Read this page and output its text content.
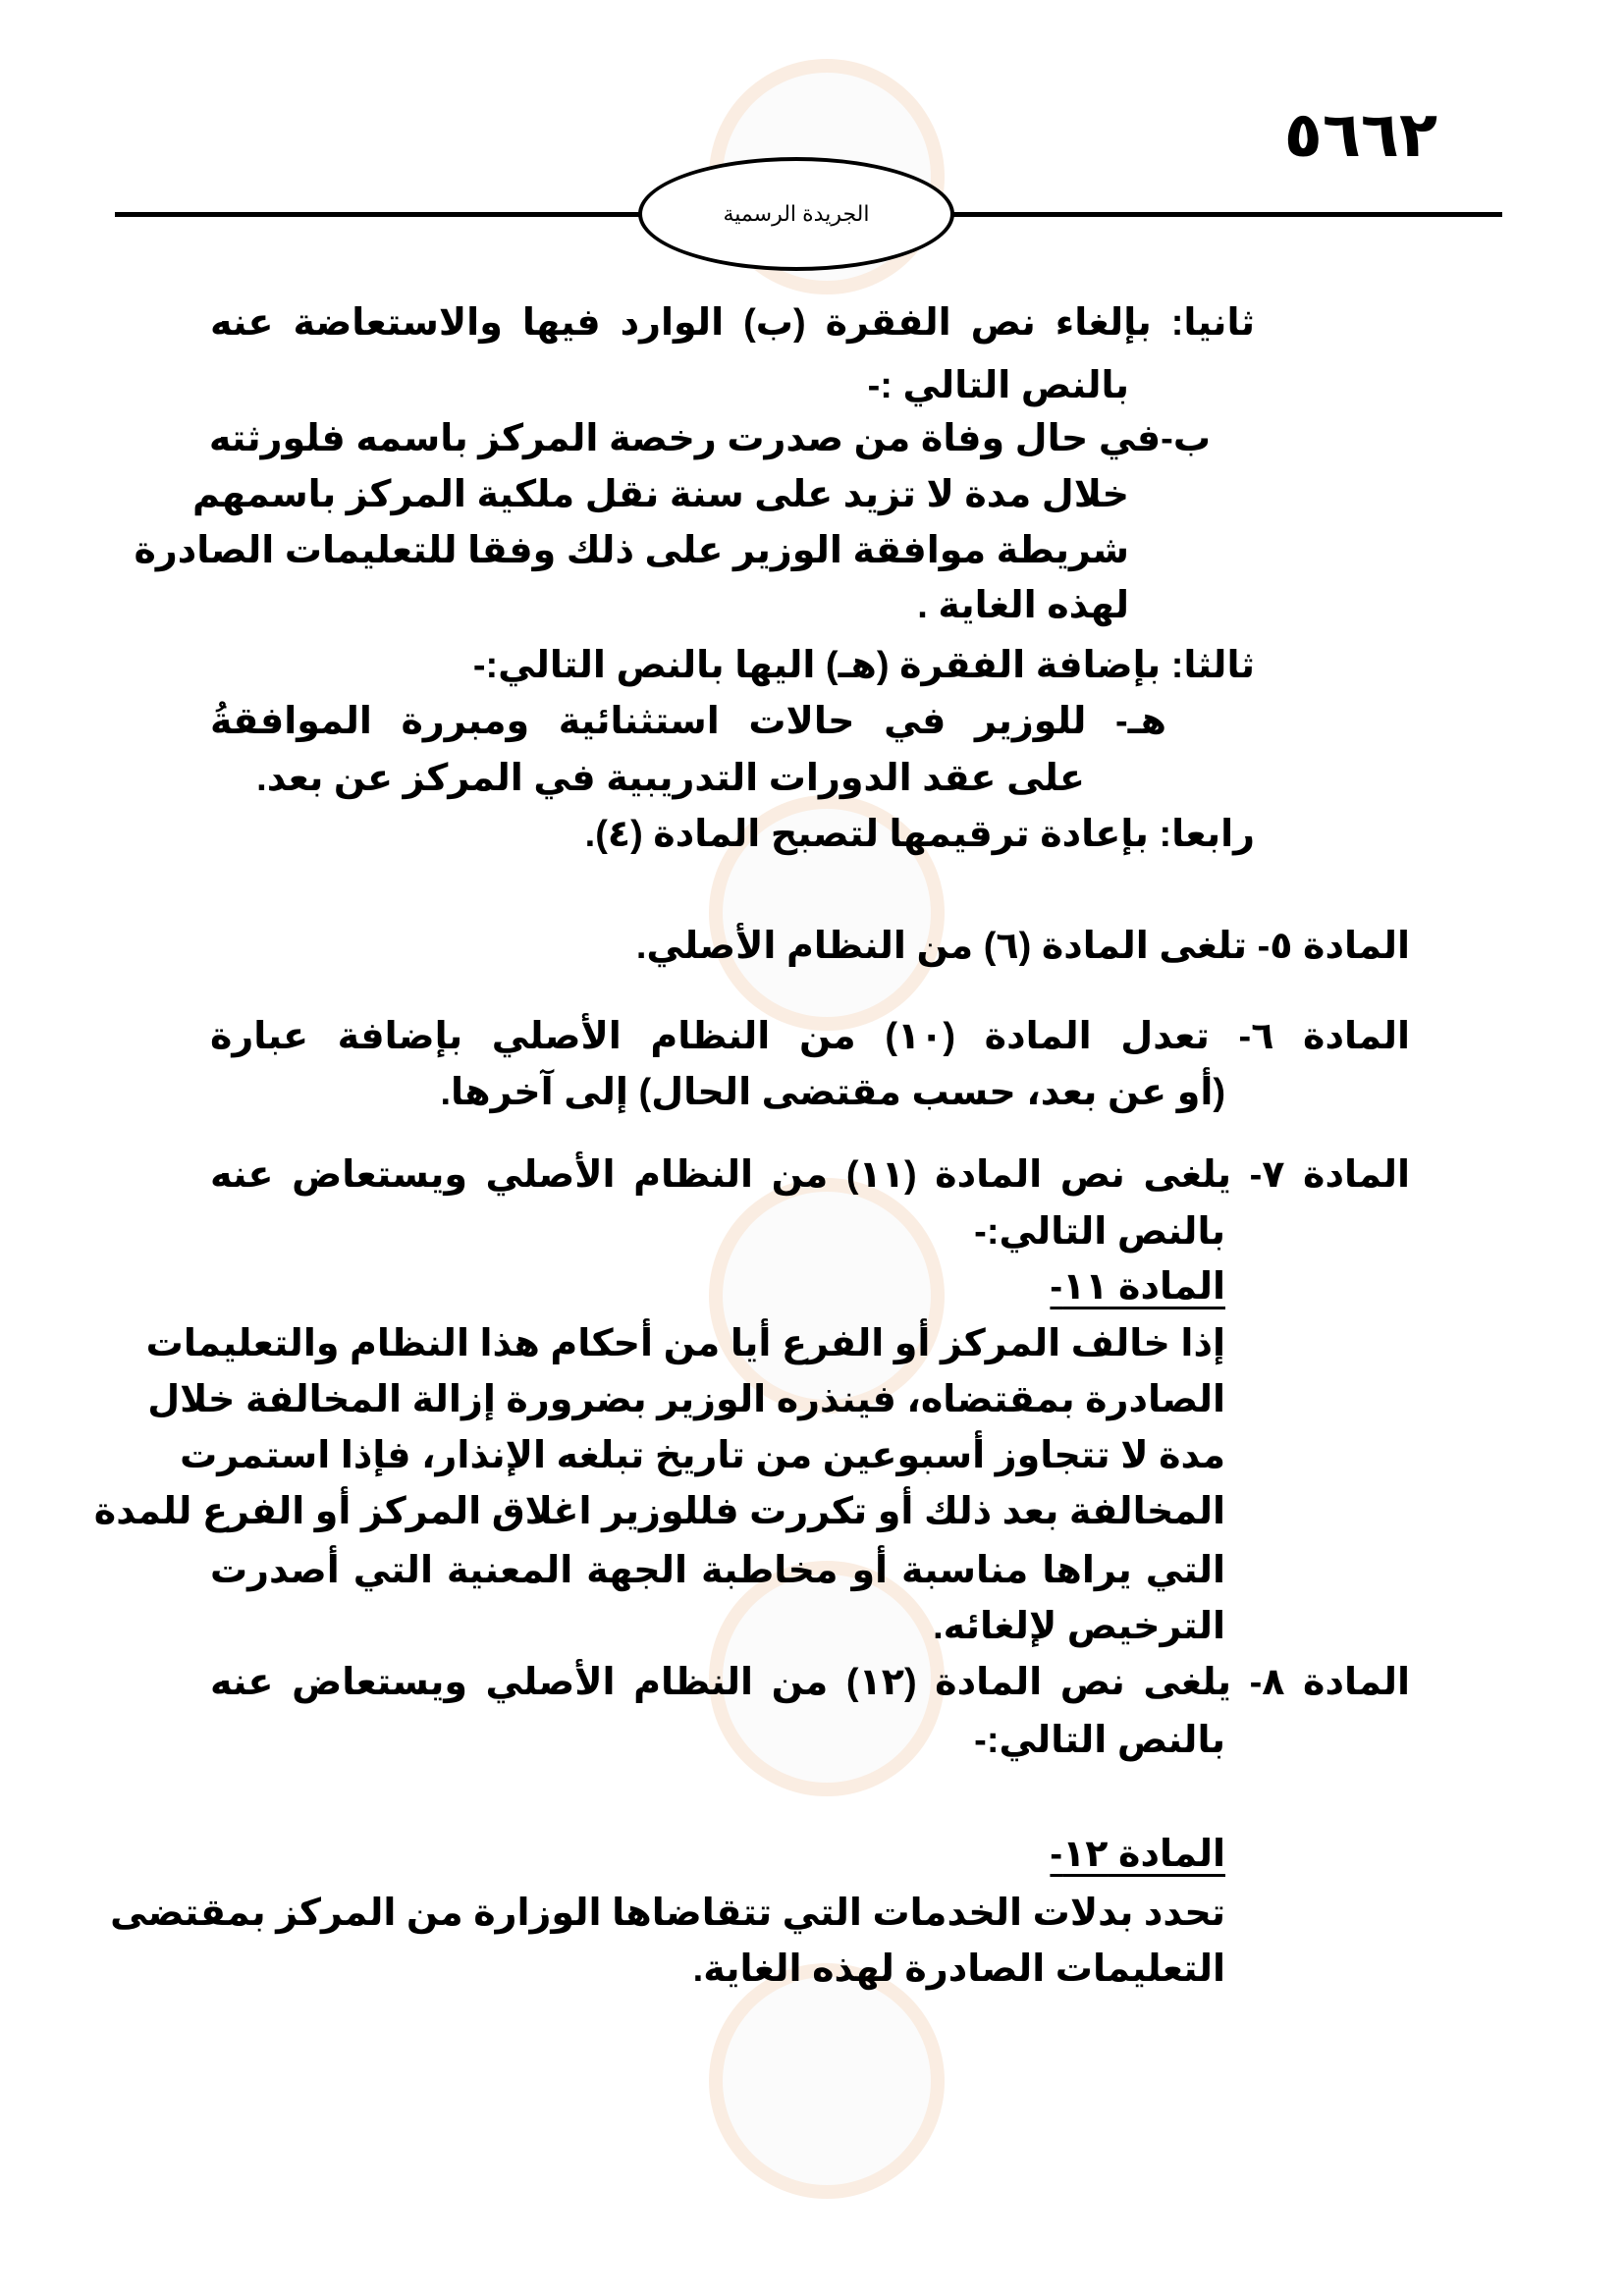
٥٦٦٢
الجريدة الرسمية
ثانيا: بإلغاء نص الفقرة (ب) الوارد فيها والاستعاضة عنه
بالنص التالي :-
ب-في حال وفاة من صدرت رخصة المركز باسمه فلورثته
خلال مدة لا تزيد على سنة نقل ملكية المركز باسمهم
شريطة موافقة الوزير على ذلك وفقا للتعليمات الصادرة
لهذه الغاية .
ثالثا: بإضافة الفقرة (هـ) اليها بالنص التالي:-
هـ- للوزير في حالات استثنائية ومبررة الموافقةُ
على عقد الدورات التدريبية في المركز عن بعد.
رابعا: بإعادة ترقيمها لتصبح المادة (٤).
المادة ٥- تلغى المادة (٦) من النظام الأصلي.
المادة ٦- تعدل المادة (١٠) من النظام الأصلي بإضافة عبارة
(أو عن بعد، حسب مقتضى الحال) إلى آخرها.
المادة ٧- يلغى نص المادة (١١) من النظام الأصلي ويستعاض عنه
بالنص التالي:-
المادة ١١-
إذا خالف المركز أو الفرع أيا من أحكام هذا النظام والتعليمات
الصادرة بمقتضاه، فينذره الوزير بضرورة إزالة المخالفة خلال
مدة لا تتجاوز أسبوعين من تاريخ تبلغه الإنذار، فإذا استمرت
المخالفة بعد ذلك أو تكررت فللوزير اغلاق المركز أو الفرع للمدة
التي يراها مناسبة أو مخاطبة الجهة المعنية التي أصدرت
الترخيص لإلغائه.
المادة ٨- يلغى نص المادة (١٢) من النظام الأصلي ويستعاض عنه
بالنص التالي:-
المادة ١٢-
تحدد بدلات الخدمات التي تتقاضاها الوزارة من المركز بمقتضى
التعليمات الصادرة لهذه الغاية.
